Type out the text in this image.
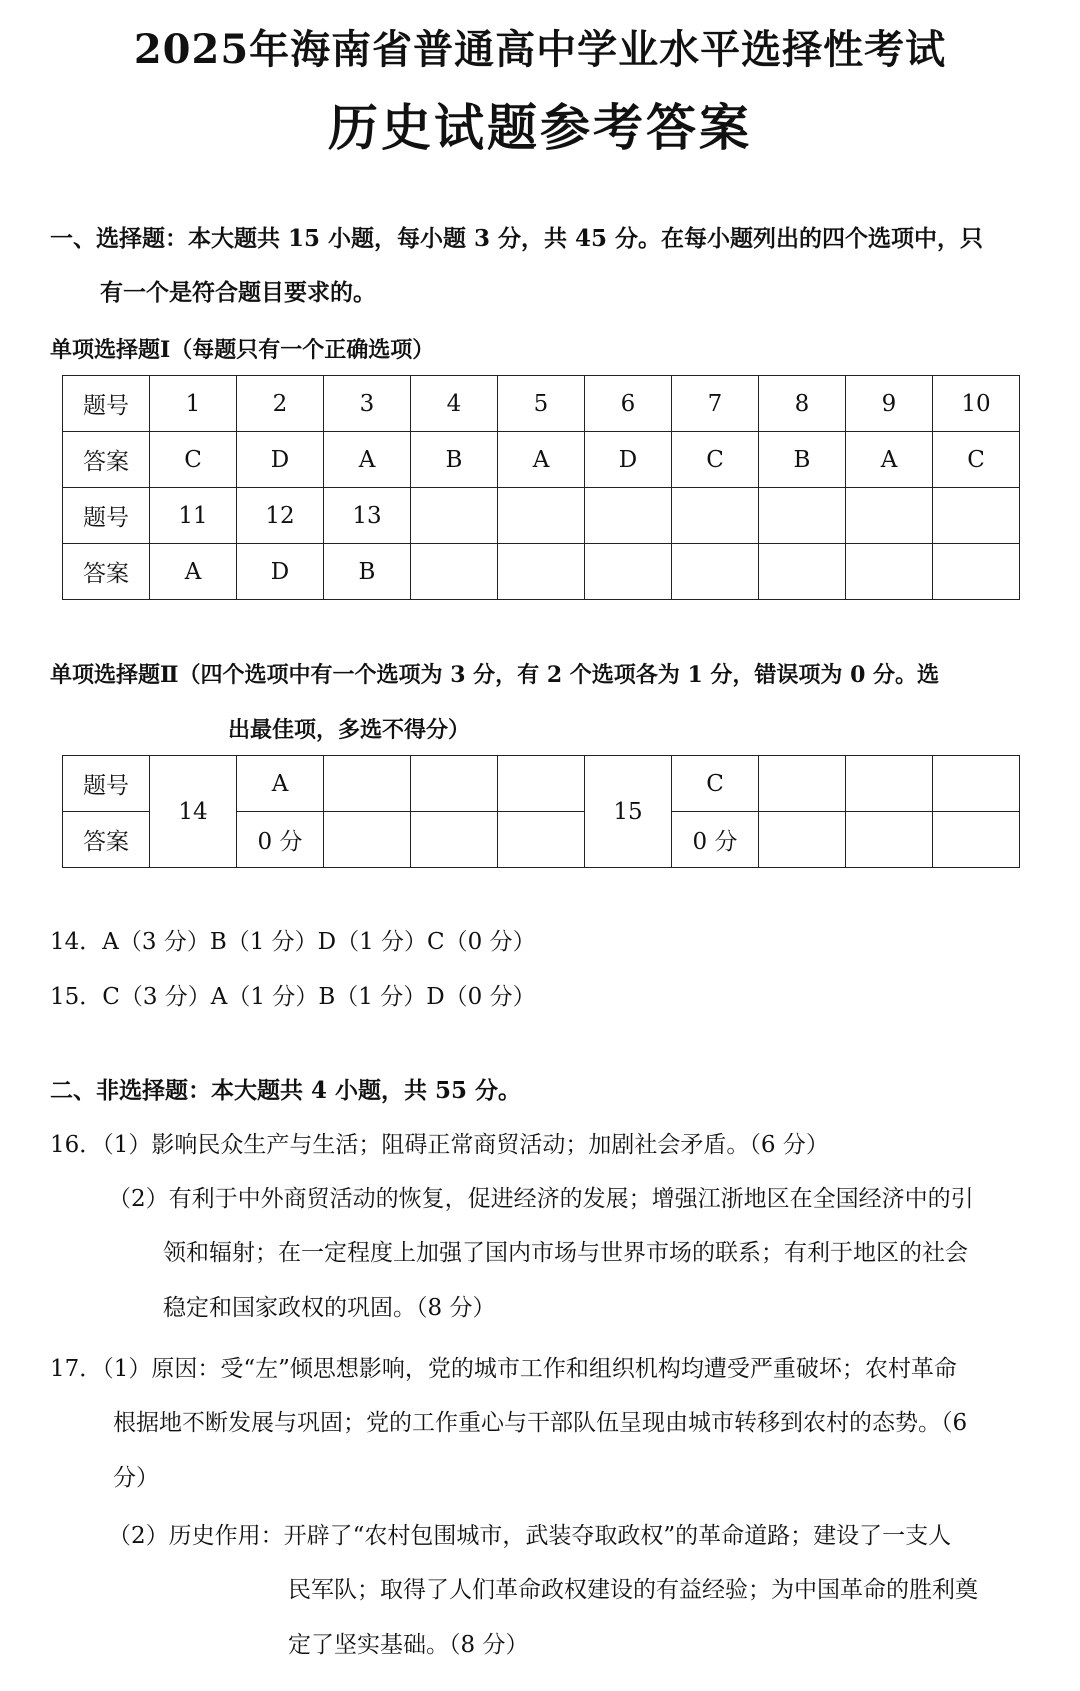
2025年海南省普通高中学业水平选择性考试
历史试题参考答案
一、选择题：本大题共 15 小题，每小题 3 分，共 45 分。在每小题列出的四个选项中，只
有一个是符合题目要求的。
单项选择题Ⅰ（每题只有一个正确选项）
题号	1	2	3	4	5	6	7	8	9	10
答案	C	D	A	B	A	D	C	B	A	C
题号	11	12	13							
答案	A	D	B							
单项选择题Ⅱ（四个选项中有一个选项为 3 分，有 2 个选项各为 1 分，错误项为 0 分。选
出最佳项，多选不得分）
题号	14	A				15	C			
答案		0 分					0 分			
14．A（3 分）B（1 分）D（1 分）C（0 分）
15．C（3 分）A（1 分）B（1 分）D（0 分）
二、非选择题：本大题共 4 小题，共 55 分。
16．（1）影响民众生产与生活；阻碍正常商贸活动；加剧社会矛盾。（6 分）
（2）有利于中外商贸活动的恢复，促进经济的发展；增强江浙地区在全国经济中的引
领和辐射；在一定程度上加强了国内市场与世界市场的联系；有利于地区的社会
稳定和国家政权的巩固。（8 分）
17．（1）原因：受“左”倾思想影响，党的城市工作和组织机构均遭受严重破坏；农村革命
根据地不断发展与巩固；党的工作重心与干部队伍呈现由城市转移到农村的态势。（6
分）
（2）历史作用：开辟了“农村包围城市，武装夺取政权”的革命道路；建设了一支人
民军队；取得了人们革命政权建设的有益经验；为中国革命的胜利奠
定了坚实基础。（8 分）
